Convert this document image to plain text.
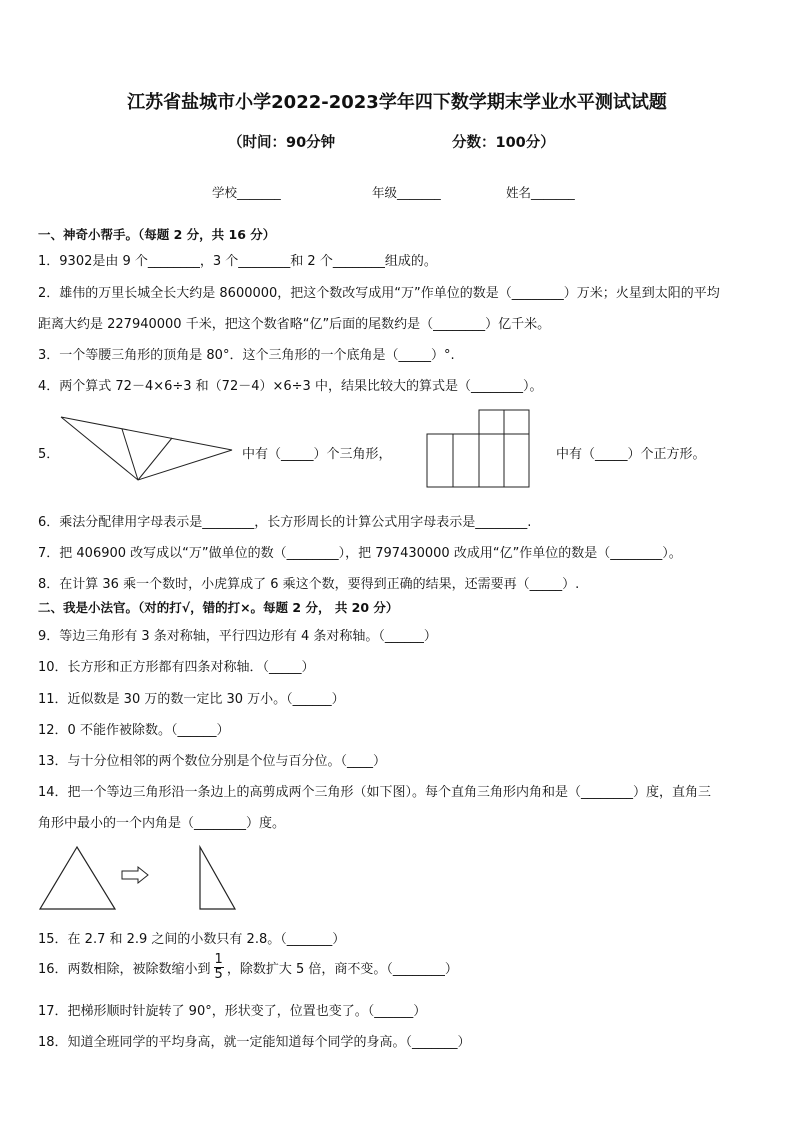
江苏省盐城市小学2022-2023学年四下数学期末学业水平测试试题
（时间：90分钟	分数：100分）
学校_______	年级_______	姓名_______
一、神奇小帮手。（每题 2 分，共 16 分）
1．9302是由 9 个________，3 个________和 2 个________组成的。
2．雄伟的万里长城全长大约是 8600000，把这个数改写成用“万”作单位的数是（________）万米；火星到太阳的平均
距离大约是 227940000 千米，把这个数省略“亿”后面的尾数约是（________）亿千米。
3．一个等腰三角形的顶角是 80°．这个三角形的一个底角是（_____）°.
4．两个算式 72－4×6÷3 和（72－4）×6÷3 中，结果比较大的算式是（________）。
5．	中有（_____）个三角形，	中有（_____）个正方形。
6．乘法分配律用字母表示是________，长方形周长的计算公式用字母表示是________.
7．把 406900 改写成以“万”做单位的数（________），把 797430000 改成用“亿”作单位的数是（________）。
8．在计算 36 乘一个数时，小虎算成了 6 乘这个数，要得到正确的结果，还需要再（_____）.
二、我是小法官。（对的打√，错的打×。每题 2 分， 共 20 分）
9．等边三角形有 3 条对称轴，平行四边形有 4 条对称轴。（______）
10．长方形和正方形都有四条对称轴．（_____）
11．近似数是 30 万的数一定比 30 万小。（______）
12．0 不能作被除数。（______）
13．与十分位相邻的两个数位分别是个位与百分位。（____）
14．把一个等边三角形沿一条边上的高剪成两个三角形（如下图）。每个直角三角形内角和是（________）度，直角三
角形中最小的一个内角是（________）度。
15．在 2.7 和 2.9 之间的小数只有 2.8。（_______）
16．两数相除，被除数缩小到 $\frac{1}{5}$ ，除数扩大 5 倍，商不变。（________）
17．把梯形顺时针旋转了 90°，形状变了，位置也变了。（______）
18．知道全班同学的平均身高，就一定能知道每个同学的身高。（_______）
